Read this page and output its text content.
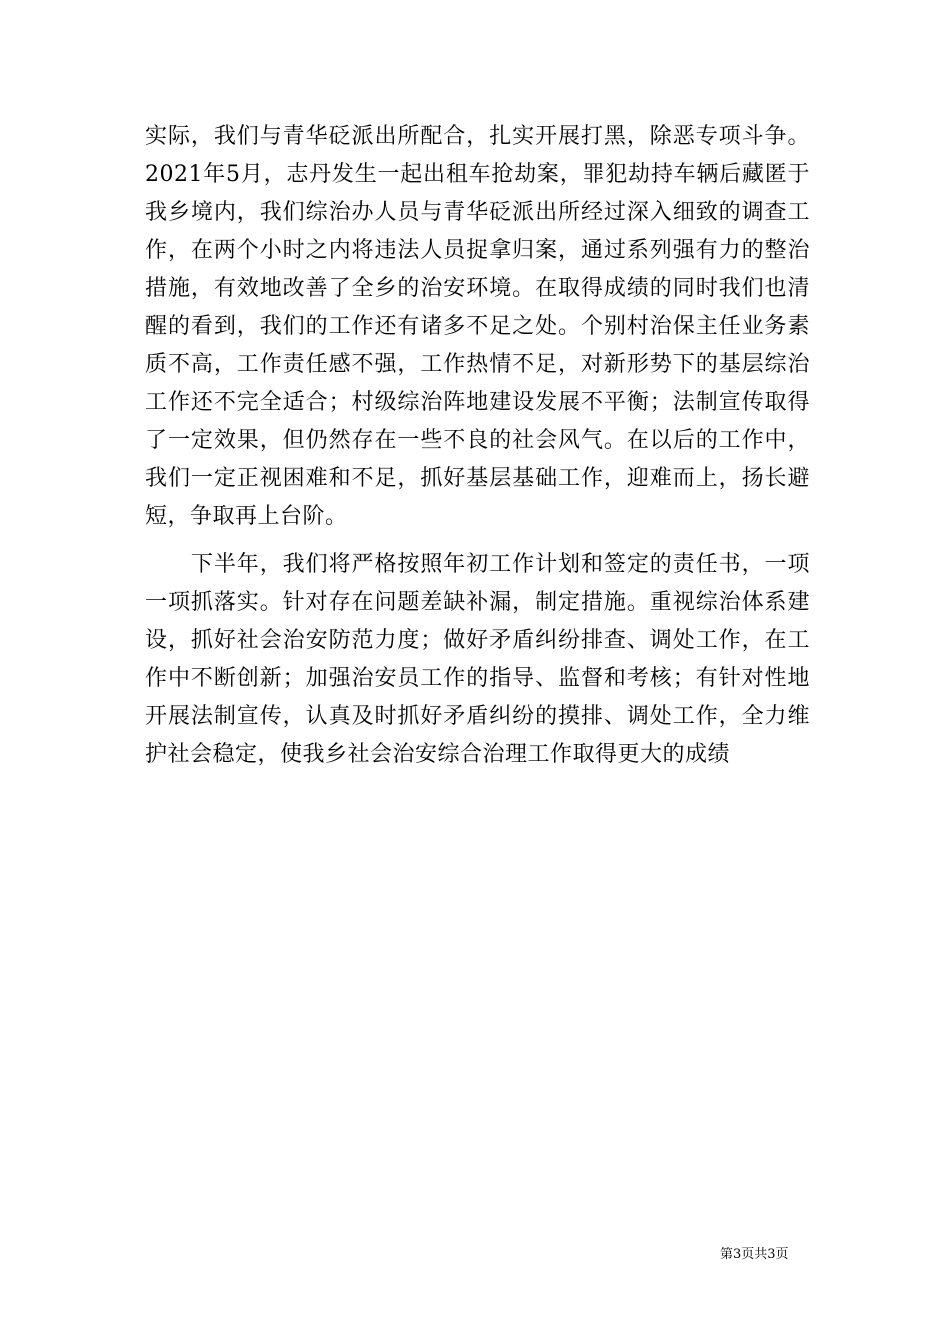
实际，我们与青华砭派出所配合，扎实开展打黑，除恶专项斗争。
2021年5月，志丹发生一起出租车抢劫案，罪犯劫持车辆后藏匿于
我乡境内，我们综治办人员与青华砭派出所经过深入细致的调查工
作，在两个小时之内将违法人员捉拿归案，通过系列强有力的整治
措施，有效地改善了全乡的治安环境。在取得成绩的同时我们也清
醒的看到，我们的工作还有诸多不足之处。个别村治保主任业务素
质不高，工作责任感不强，工作热情不足，对新形势下的基层综治
工作还不完全适合；村级综治阵地建设发展不平衡；法制宣传取得
了一定效果，但仍然存在一些不良的社会风气。在以后的工作中，
我们一定正视困难和不足，抓好基层基础工作，迎难而上，扬长避
短，争取再上台阶。
　　下半年，我们将严格按照年初工作计划和签定的责任书，一项
一项抓落实。针对存在问题差缺补漏，制定措施。重视综治体系建
设，抓好社会治安防范力度；做好矛盾纠纷排查、调处工作，在工
作中不断创新；加强治安员工作的指导、监督和考核；有针对性地
开展法制宣传，认真及时抓好矛盾纠纷的摸排、调处工作，全力维
护社会稳定，使我乡社会治安综合治理工作取得更大的成绩
第3页共3页
